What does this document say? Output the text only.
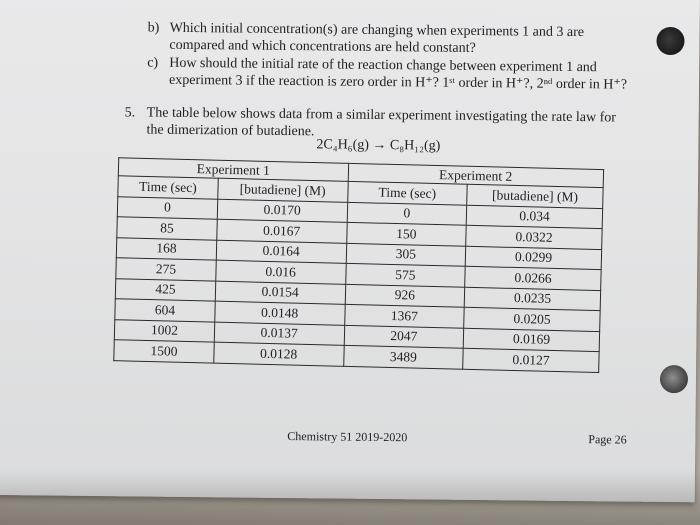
b) Which initial concentration(s) are changing when experiments 1 and 3 are
compared and which concentrations are held constant?
c) How should the initial rate of the reaction change between experiment 1 and
experiment 3 if the reaction is zero order in H⁺? 1ˢᵗ order in H⁺?, 2ⁿᵈ order in H⁺?
5. The table below shows data from a similar experiment investigating the rate law for
the dimerization of butadiene.
2C₄H₆(g) → C₈H₁₂(g)
Experiment 1		Experiment 2	
Time (sec)	[butadiene] (M)	Time (sec)	[butadiene] (M)
0	0.0170	0	0.034
85	0.0167	150	0.0322
168	0.0164	305	0.0299
275	0.016	575	0.0266
425	0.0154	926	0.0235
604	0.0148	1367	0.0205
1002	0.0137	2047	0.0169
1500	0.0128	3489	0.0127
Chemistry 51 2019-2020	Page 26
